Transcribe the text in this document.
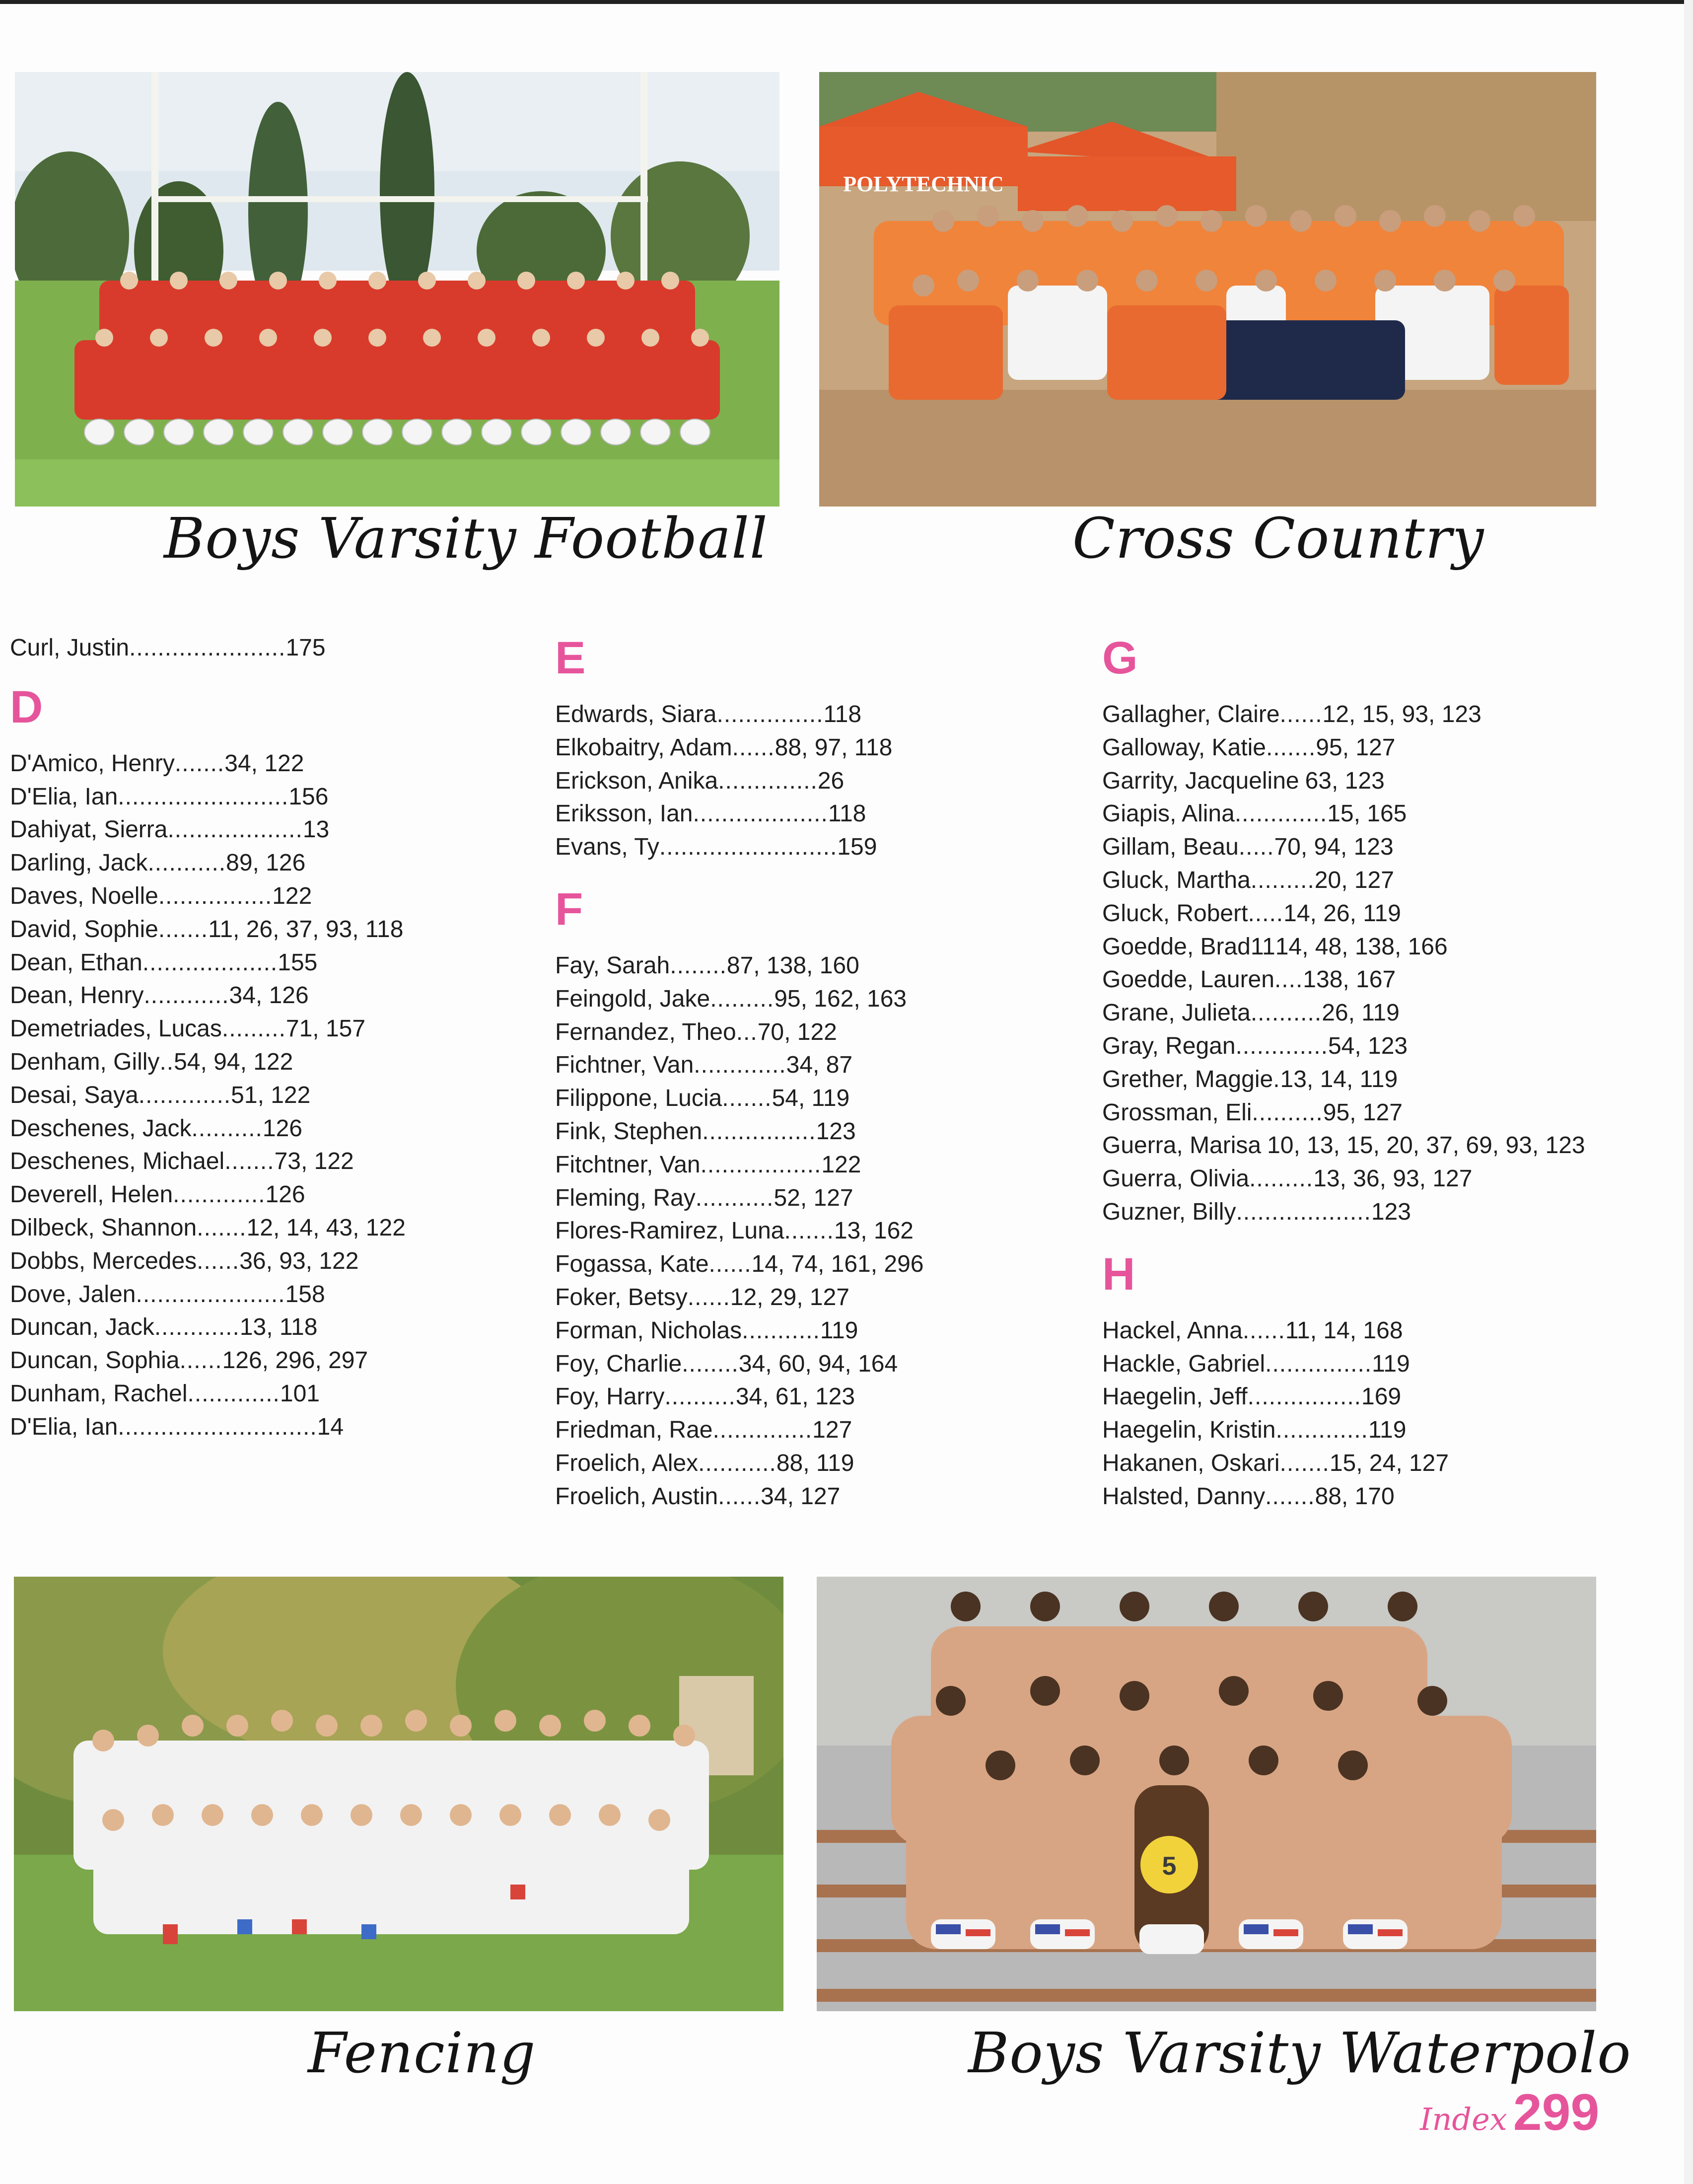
Boys Varsity Football
POLYTECHNIC
Cross Country
Curl, Justin ...................... 175
D
D'Amico, Henry ....... 34, 122
D'Elia, Ian ........................ 156
Dahiyat, Sierra ................... 13
Darling, Jack ........... 89, 126
Daves, Noelle ................ 122
David, Sophie ....... 11, 26, 37, 93, 118
Dean, Ethan ................... 155
Dean, Henry ............ 34, 126
Demetriades, Lucas ......... 71, 157
Denham, Gilly .. 54, 94, 122
Desai, Saya ............. 51, 122
Deschenes, Jack .......... 126
Deschenes, Michael ....... 73, 122
Deverell, Helen ............. 126
Dilbeck, Shannon ....... 12, 14, 43, 122
Dobbs, Mercedes ...... 36, 93, 122
Dove, Jalen ..................... 158
Duncan, Jack ............ 13, 118
Duncan, Sophia ...... 126, 296, 297
Dunham, Rachel ............. 101
D'Elia, Ian ............................ 14
E
Edwards, Siara ............... 118
Elkobaitry, Adam ...... 88, 97, 118
Erickson, Anika .............. 26
Eriksson, Ian ................... 118
Evans, Ty ......................... 159
F
Fay, Sarah ........ 87, 138, 160
Feingold, Jake ......... 95, 162, 163
Fernandez, Theo ... 70, 122
Fichtner, Van ............. 34, 87
Filippone, Lucia ....... 54, 119
Fink, Stephen ................ 123
Fitchtner, Van ................. 122
Fleming, Ray ........... 52, 127
Flores-Ramirez, Luna ....... 13, 162
Fogassa, Kate ...... 14, 74, 161, 296
Foker, Betsy ...... 12, 29, 127
Forman, Nicholas ........... 119
Foy, Charlie ........ 34, 60, 94, 164
Foy, Harry .......... 34, 61, 123
Friedman, Rae .............. 127
Froelich, Alex ........... 88, 119
Froelich, Austin ...... 34, 127
G
Gallagher, Claire ...... 12, 15, 93, 123
Galloway, Katie ....... 95, 127
Garrity, Jacqueline 63, 123
Giapis, Alina ............. 15, 165
Gillam, Beau ..... 70, 94, 123
Gluck, Martha ......... 20, 127
Gluck, Robert ..... 14, 26, 119
Goedde, Brad11 14, 48, 138, 166
Goedde, Lauren .... 138, 167
Grane, Julieta .......... 26, 119
Gray, Regan ............. 54, 123
Grether, Maggie . 13, 14, 119
Grossman, Eli .......... 95, 127
Guerra, Marisa 10, 13, 15, 20, 37, 69, 93, 123
Guerra, Olivia ......... 13, 36, 93, 127
Guzner, Billy ................... 123
H
Hackel, Anna ...... 11, 14, 168
Hackle, Gabriel ............... 119
Haegelin, Jeff ................ 169
Haegelin, Kristin ............. 119
Hakanen, Oskari ....... 15, 24, 127
Halsted, Danny ....... 88, 170
Fencing
5
Boys Varsity Waterpolo
Index 299
